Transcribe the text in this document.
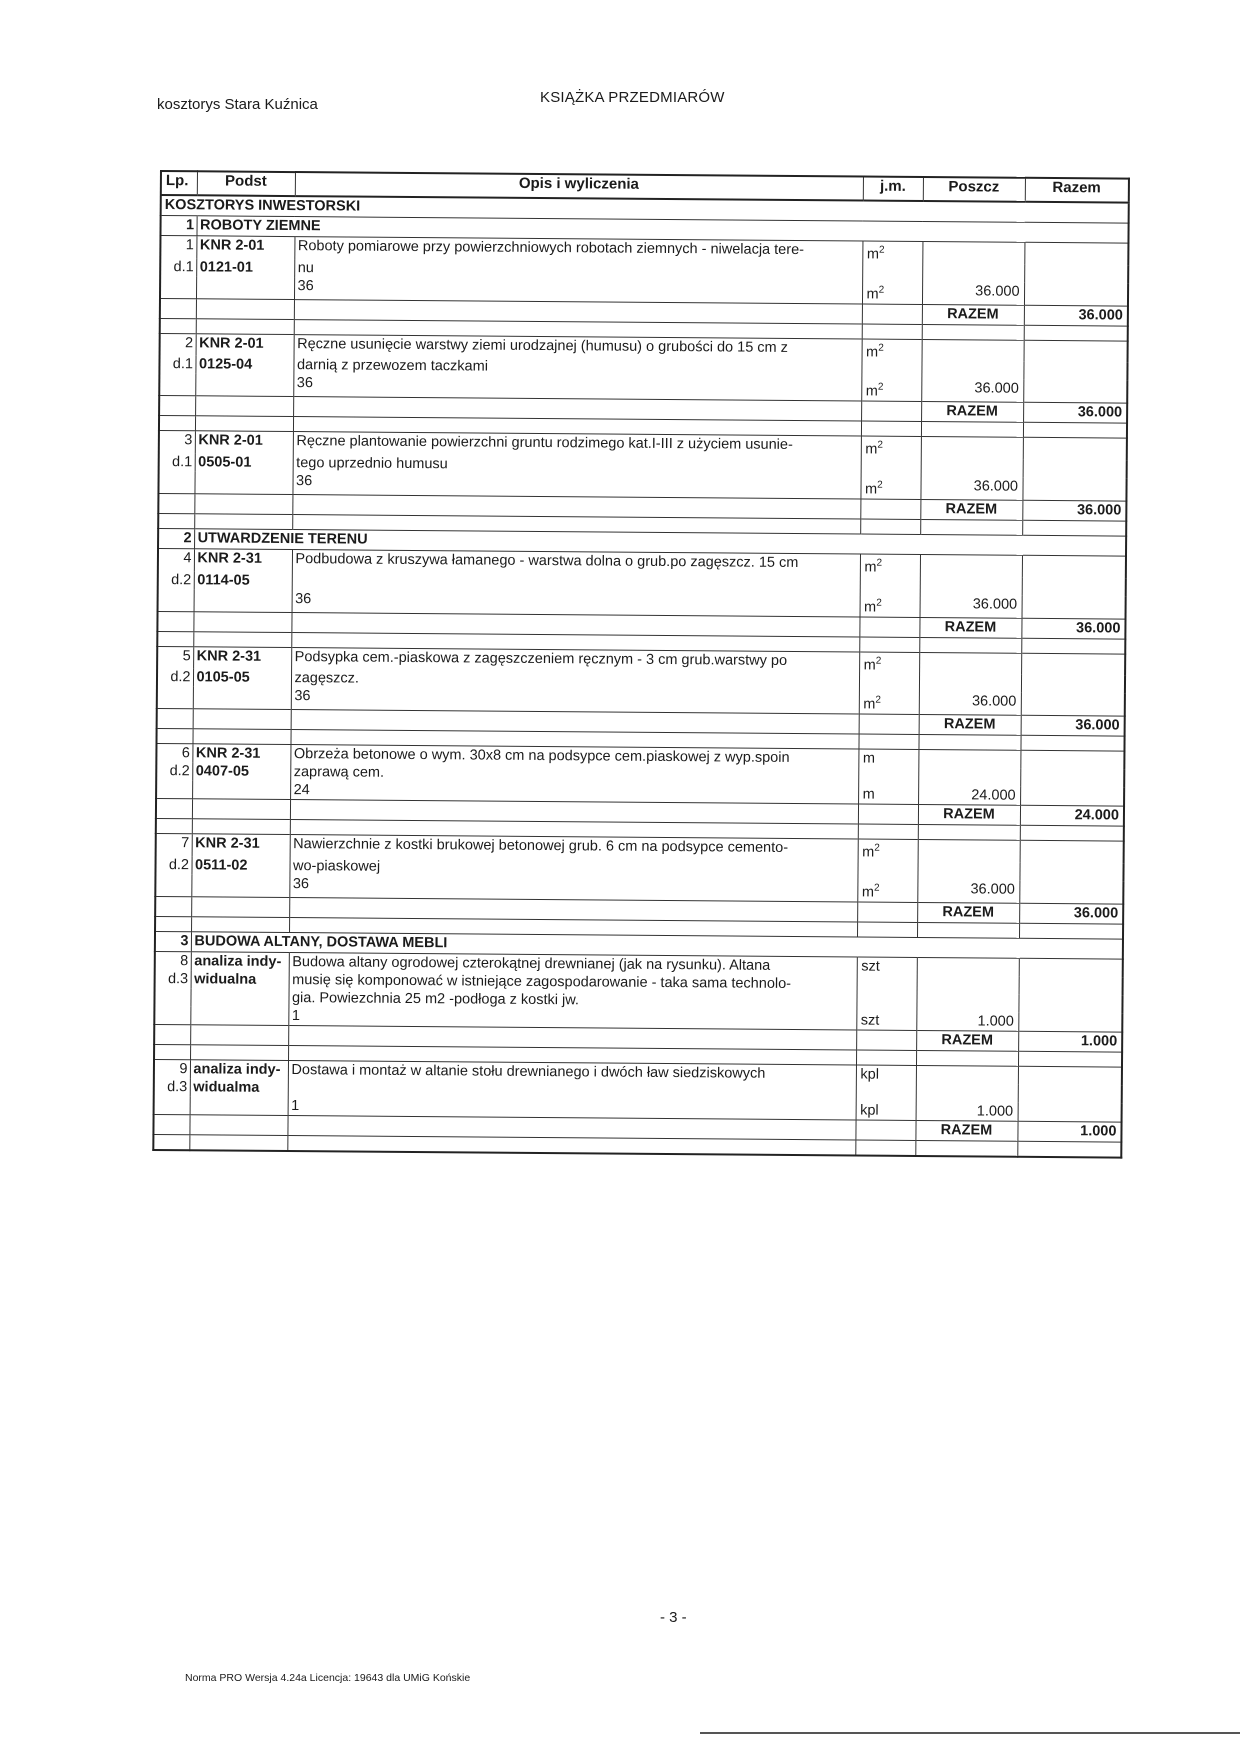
kosztorys Stara Kuźnica	KSIĄŻKA PRZEDMIARÓW
Lp.	Podst	Opis i wyliczenia	j.m.	Poszcz	Razem
KOSZTORYS INWESTORSKI					
1	ROBOTY ZIEMNE				
1	KNR 2-01	Roboty pomiarowe przy powierzchniowych robotach ziemnych - niwelacja tere-	$m^2$		
d.1	0121-01	nu			
		36	$m^2$	36.000	
				RAZEM	36.000

2	KNR 2-01	Ręczne usunięcie warstwy ziemi urodzajnej (humusu) o grubości do 15 cm z	$m^2$		
d.1	0125-04	darnią z przewozem taczkami			
		36	$m^2$	36.000	
				RAZEM	36.000

3	KNR 2-01	Ręczne plantowanie powierzchni gruntu rodzimego kat.I-III z użyciem usunie-	$m^2$		
d.1	0505-01	tego uprzednio humusu			
		36	$m^2$	36.000	
				RAZEM	36.000

2	UTWARDZENIE TERENU				
4	KNR 2-31	Podbudowa z kruszywa łamanego - warstwa dolna o grub.po zagęszcz. 15 cm	$m^2$		
d.2	0114-05				
		36	$m^2$	36.000	
				RAZEM	36.000

5	KNR 2-31	Podsypka cem.-piaskowa z zagęszczeniem ręcznym - 3 cm grub.warstwy po	$m^2$		
d.2	0105-05	zagęszcz.			
		36	$m^2$	36.000	
				RAZEM	36.000

6	KNR 2-31	Obrzeża betonowe o wym. 30x8 cm na podsypce cem.piaskowej z wyp.spoin	m		
d.2	0407-05	zaprawą cem.			
		24	m	24.000	
				RAZEM	24.000

7	KNR 2-31	Nawierzchnie z kostki brukowej betonowej grub. 6 cm na podsypce cemento-	$m^2$		
d.2	0511-02	wo-piaskowej			
		36	$m^2$	36.000	
				RAZEM	36.000

3	BUDOWA ALTANY, DOSTAWA MEBLI				
8	analiza indy-	Budowa altany ogrodowej czterokątnej drewnianej (jak na rysunku). Altana	szt		
d.3	widualna	musię się komponować w istniejące zagospodarowanie - taka sama technolo-			
		gia. Powiezchnia 25 m2 -podłoga z kostki jw.			
		1	szt	1.000	
				RAZEM	1.000

9	analiza indy-	Dostawa i montaż w altanie stołu drewnianego i dwóch ław siedziskowych	kpl		
d.3	widualma				
		1	kpl	1.000	
				RAZEM	1.000

- 3 -
Norma PRO Wersja 4.24a Licencja: 19643 dla UMiG Końskie
